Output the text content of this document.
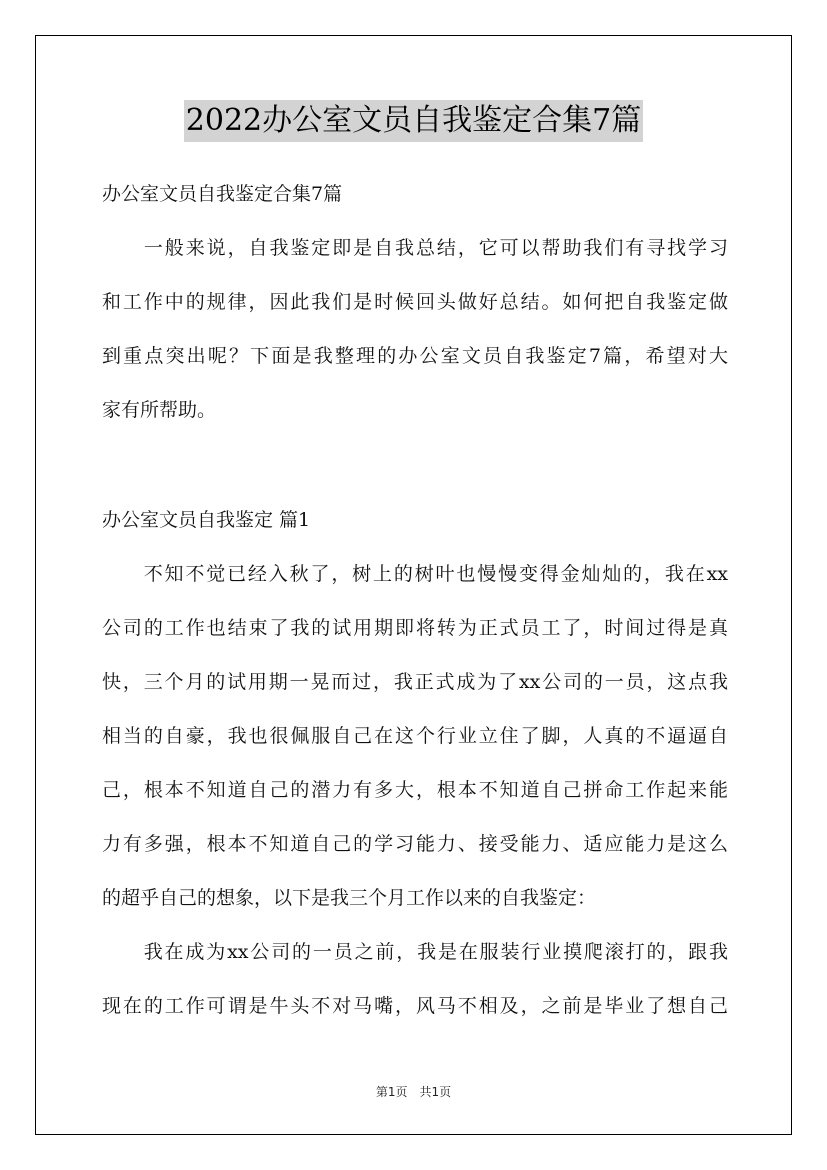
2022办公室文员自我鉴定合集7篇

办公室文员自我鉴定合集7篇

　　一般来说，自我鉴定即是自我总结，它可以帮助我们有寻找学习

和工作中的规律，因此我们是时候回头做好总结。如何把自我鉴定做

到重点突出呢？下面是我整理的办公室文员自我鉴定7篇，希望对大

家有所帮助。

办公室文员自我鉴定 篇1

　　不知不觉已经入秋了，树上的树叶也慢慢变得金灿灿的，我在xx

公司的工作也结束了我的试用期即将转为正式员工了，时间过得是真

快，三个月的试用期一晃而过，我正式成为了xx公司的一员，这点我

相当的自豪，我也很佩服自己在这个行业立住了脚，人真的不逼逼自

己，根本不知道自己的潜力有多大，根本不知道自己拼命工作起来能

力有多强，根本不知道自己的学习能力、接受能力、适应能力是这么

的超乎自己的想象，以下是我三个月工作以来的自我鉴定：

　　我在成为xx公司的一员之前，我是在服装行业摸爬滚打的，跟我

现在的工作可谓是牛头不对马嘴，风马不相及，之前是毕业了想自己

第1页　共1页
